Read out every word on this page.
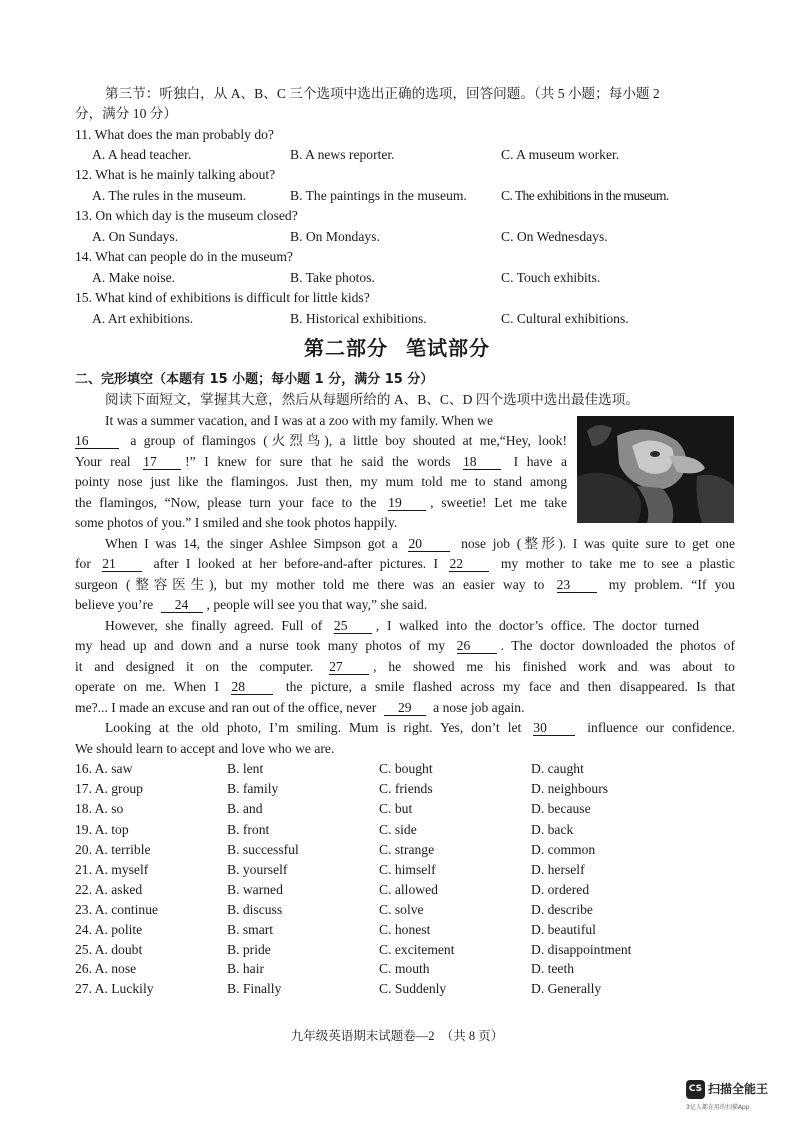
第三节：听独白，从 A、B、C 三个选项中选出正确的选项，回答问题。（共 5 小题；每小题 2
分，满分 10 分）
11. What does the man probably do?
A. A head teacher.	B. A news reporter.	C. A museum worker.
12. What is he mainly talking about?
A. The rules in the museum.	B. The paintings in the museum.	C. The exhibitions in the museum.
13. On which day is the museum closed?
A. On Sundays.	B. On Mondays.	C. On Wednesdays.
14. What can people do in the museum?
A. Make noise.	B. Take photos.	C. Touch exhibits.
15. What kind of exhibitions is difficult for little kids?
A. Art exhibitions.	B. Historical exhibitions.	C. Cultural exhibitions.
第二部分 笔试部分
二、完形填空（本题有 15 小题；每小题 1 分，满分 15 分）
阅读下面短文，掌握其大意，然后从每题所给的 A、B、C、D 四个选项中选出最佳选项。
It was a summer vacation, and I was at a zoo with my family. When we
16	a group of flamingos (火烈鸟), a little boy shouted at me,“Hey, look!
Your real 17 !” I knew for sure that he said the words 18	I have a
pointy nose just like the flamingos. Just then, my mum told me to stand among
the flamingos, “Now, please turn your face to the 19 , sweetie! Let me take
some photos of you.” I smiled and she took photos happily.
When I was 14, the singer Ashlee Simpson got a 20	nose job (整形). I was quite sure to get one
for 21	after I looked at her before-and-after pictures. I 22	my mother to take me to see a plastic
surgeon (整容医生), but my mother told me there was an easier way to 23	my problem. “If you
believe you’re 24 , people will see you that way,” she said.
However, she finally agreed. Full of 25 , I walked into the doctor’s office. The doctor turned
my head up and down and a nurse took many photos of my 26 . The doctor downloaded the photos of
it and designed it on the computer. 27 , he showed me his finished work and was about to
operate on me. When I 28	the picture, a smile flashed across my face and then disappeared. Is that
me?... I made an excuse and ran out of the office, never 29 a nose job again.
Looking at the old photo, I’m smiling. Mum is right. Yes, don’t let 30	influence our confidence.
We should learn to accept and love who we are.
16. A. saw	B. lent	C. bought	D. caught
17. A. group	B. family	C. friends	D. neighbours
18. A. so	B. and	C. but	D. because
19. A. top	B. front	C. side	D. back
20. A. terrible	B. successful	C. strange	D. common
21. A. myself	B. yourself	C. himself	D. herself
22. A. asked	B. warned	C. allowed	D. ordered
23. A. continue	B. discuss	C. solve	D. describe
24. A. polite	B. smart	C. honest	D. beautiful
25. A. doubt	B. pride	C. excitement	D. disappointment
26. A. nose	B. hair	C. mouth	D. teeth
27. A. Luckily	B. Finally	C. Suddenly	D. Generally
九年级英语期末试题卷—2　（共 8 页）
CS 扫描全能王
3亿人都在用的扫描App
